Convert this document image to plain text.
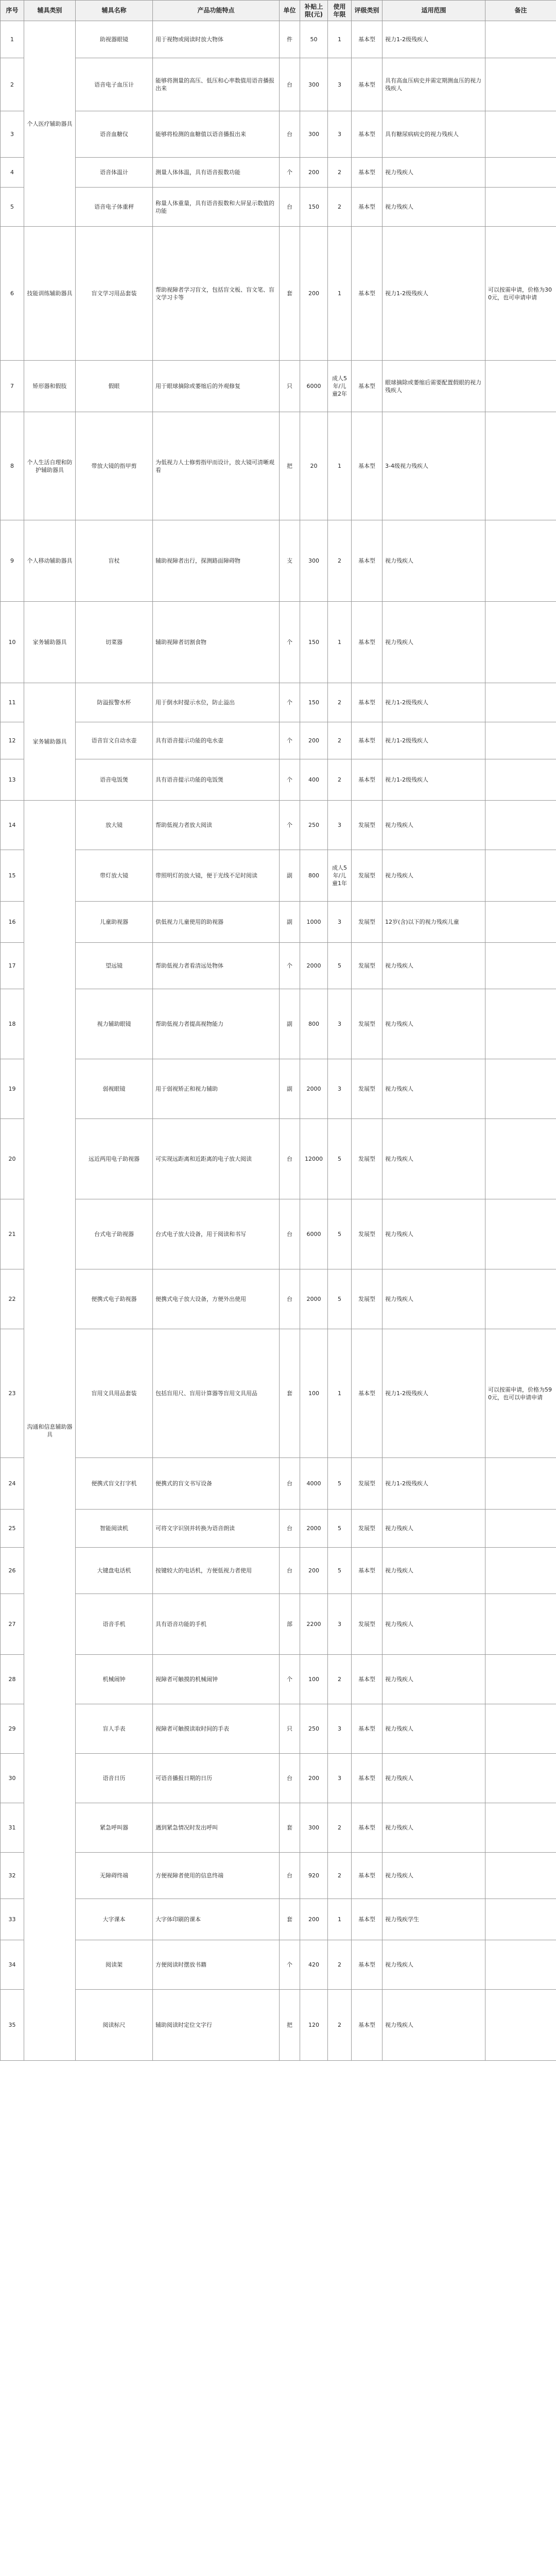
序号	辅具类别	辅具名称	产品功能特点	单位	补贴上限(元)	使用年限	评级类别	适用范围	备注
1	个人医疗辅助器具	助视器眼镜	用于视物或阅读时放大物体	件	50	1	基本型	视力1-2级残疾人	
2		语音电子血压计	能够将测量的高压、低压和心率数值用语音播报出来	台	300	3	基本型	具有高血压病史并需定期测血压的视力残疾人	
3		语音血糖仪	能够将检测的血糖值以语音播报出来	台	300	3	基本型	具有糖尿病病史的视力残疾人	
4		语音体温计	测量人体体温，具有语音报数功能	个	200	2	基本型	视力残疾人	
5		语音电子体重秤	称量人体重量，具有语音报数和大屏显示数值的功能	台	150	2	基本型	视力残疾人	
6	技能训练辅助器具	盲文学习用品套装	帮助视障者学习盲文，包括盲文板、盲文笔、盲文学习卡等	套	200	1	基本型	视力1-2级残疾人	可以按需申请，价格为300元，也可申请申请
7	矫形器和假肢	假眼	用于眼球摘除或萎缩后的外观修复	只	6000	成人5年/儿童2年	基本型	眼球摘除或萎缩后需要配置假眼的视力残疾人	
8	个人生活自理和防护辅助器具	带放大镜的指甲剪	为低视力人士修剪指甲而设计，放大镜可清晰观看	把	20	1	基本型	3-4级视力残疾人	
9	个人移动辅助器具	盲杖	辅助视障者出行，探测路面障碍物	支	300	2	基本型	视力残疾人	
10	家务辅助器具	切菜器	辅助视障者切割食物	个	150	1	基本型	视力残疾人	
11	家务辅助器具	防溢报警水杯	用于倒水时提示水位，防止溢出	个	150	2	基本型	视力1-2级残疾人	
12		语音盲文自动水壶	具有语音提示功能的电水壶	个	200	2	基本型	视力1-2级残疾人	
13		语音电饭煲	具有语音提示功能的电饭煲	个	400	2	基本型	视力1-2级残疾人	
14	沟通和信息辅助器具	放大镜	帮助低视力者放大阅读	个	250	3	发展型	视力残疾人	
15		带灯放大镜	带照明灯的放大镜，便于光线不足时阅读	副	800	成人5年/儿童1年	发展型	视力残疾人	
16		儿童助视器	供低视力儿童使用的助视器	副	1000	3	发展型	12岁(含)以下的视力残疾儿童	
17		望远镜	帮助低视力者看清远处物体	个	2000	5	发展型	视力残疾人	
18		视力辅助眼镜	帮助低视力者提高视物能力	副	800	3	发展型	视力残疾人	
19		弱视眼镜	用于弱视矫正和视力辅助	副	2000	3	发展型	视力残疾人	
20		远近两用电子助视器	可实现远距离和近距离的电子放大阅读	台	12000	5	发展型	视力残疾人	
21		台式电子助视器	台式电子放大设备，用于阅读和书写	台	6000	5	发展型	视力残疾人	
22		便携式电子助视器	便携式电子放大设备，方便外出使用	台	2000	5	发展型	视力残疾人	
23		盲用文具用品套装	包括盲用尺、盲用计算器等盲用文具用品	套	100	1	基本型	视力1-2级残疾人	可以按需申请，价格为590元，也可以申请申请
24		便携式盲文打字机	便携式的盲文书写设备	台	4000	5	发展型	视力1-2级残疾人	
25		智能阅读机	可将文字识别并转换为语音朗读	台	2000	5	发展型	视力残疾人	
26		大键盘电话机	按键较大的电话机，方便低视力者使用	台	200	5	基本型	视力残疾人	
27		语音手机	具有语音功能的手机	部	2200	3	发展型	视力残疾人	
28		机械闹钟	视障者可触摸的机械闹钟	个	100	2	基本型	视力残疾人	
29		盲人手表	视障者可触摸读取时间的手表	只	250	3	基本型	视力残疾人	
30		语音日历	可语音播报日期的日历	台	200	3	基本型	视力残疾人	
31		紧急呼叫器	遇到紧急情况时发出呼叫	套	300	2	基本型	视力残疾人	
32		无障碍终端	方便视障者使用的信息终端	台	920	2	基本型	视力残疾人	
33		大字课本	大字体印刷的课本	套	200	1	基本型	视力残疾学生	
34		阅读架	方便阅读时摆放书籍	个	420	2	基本型	视力残疾人	
35		阅读标尺	辅助阅读时定位文字行	把	120	2	基本型	视力残疾人	
